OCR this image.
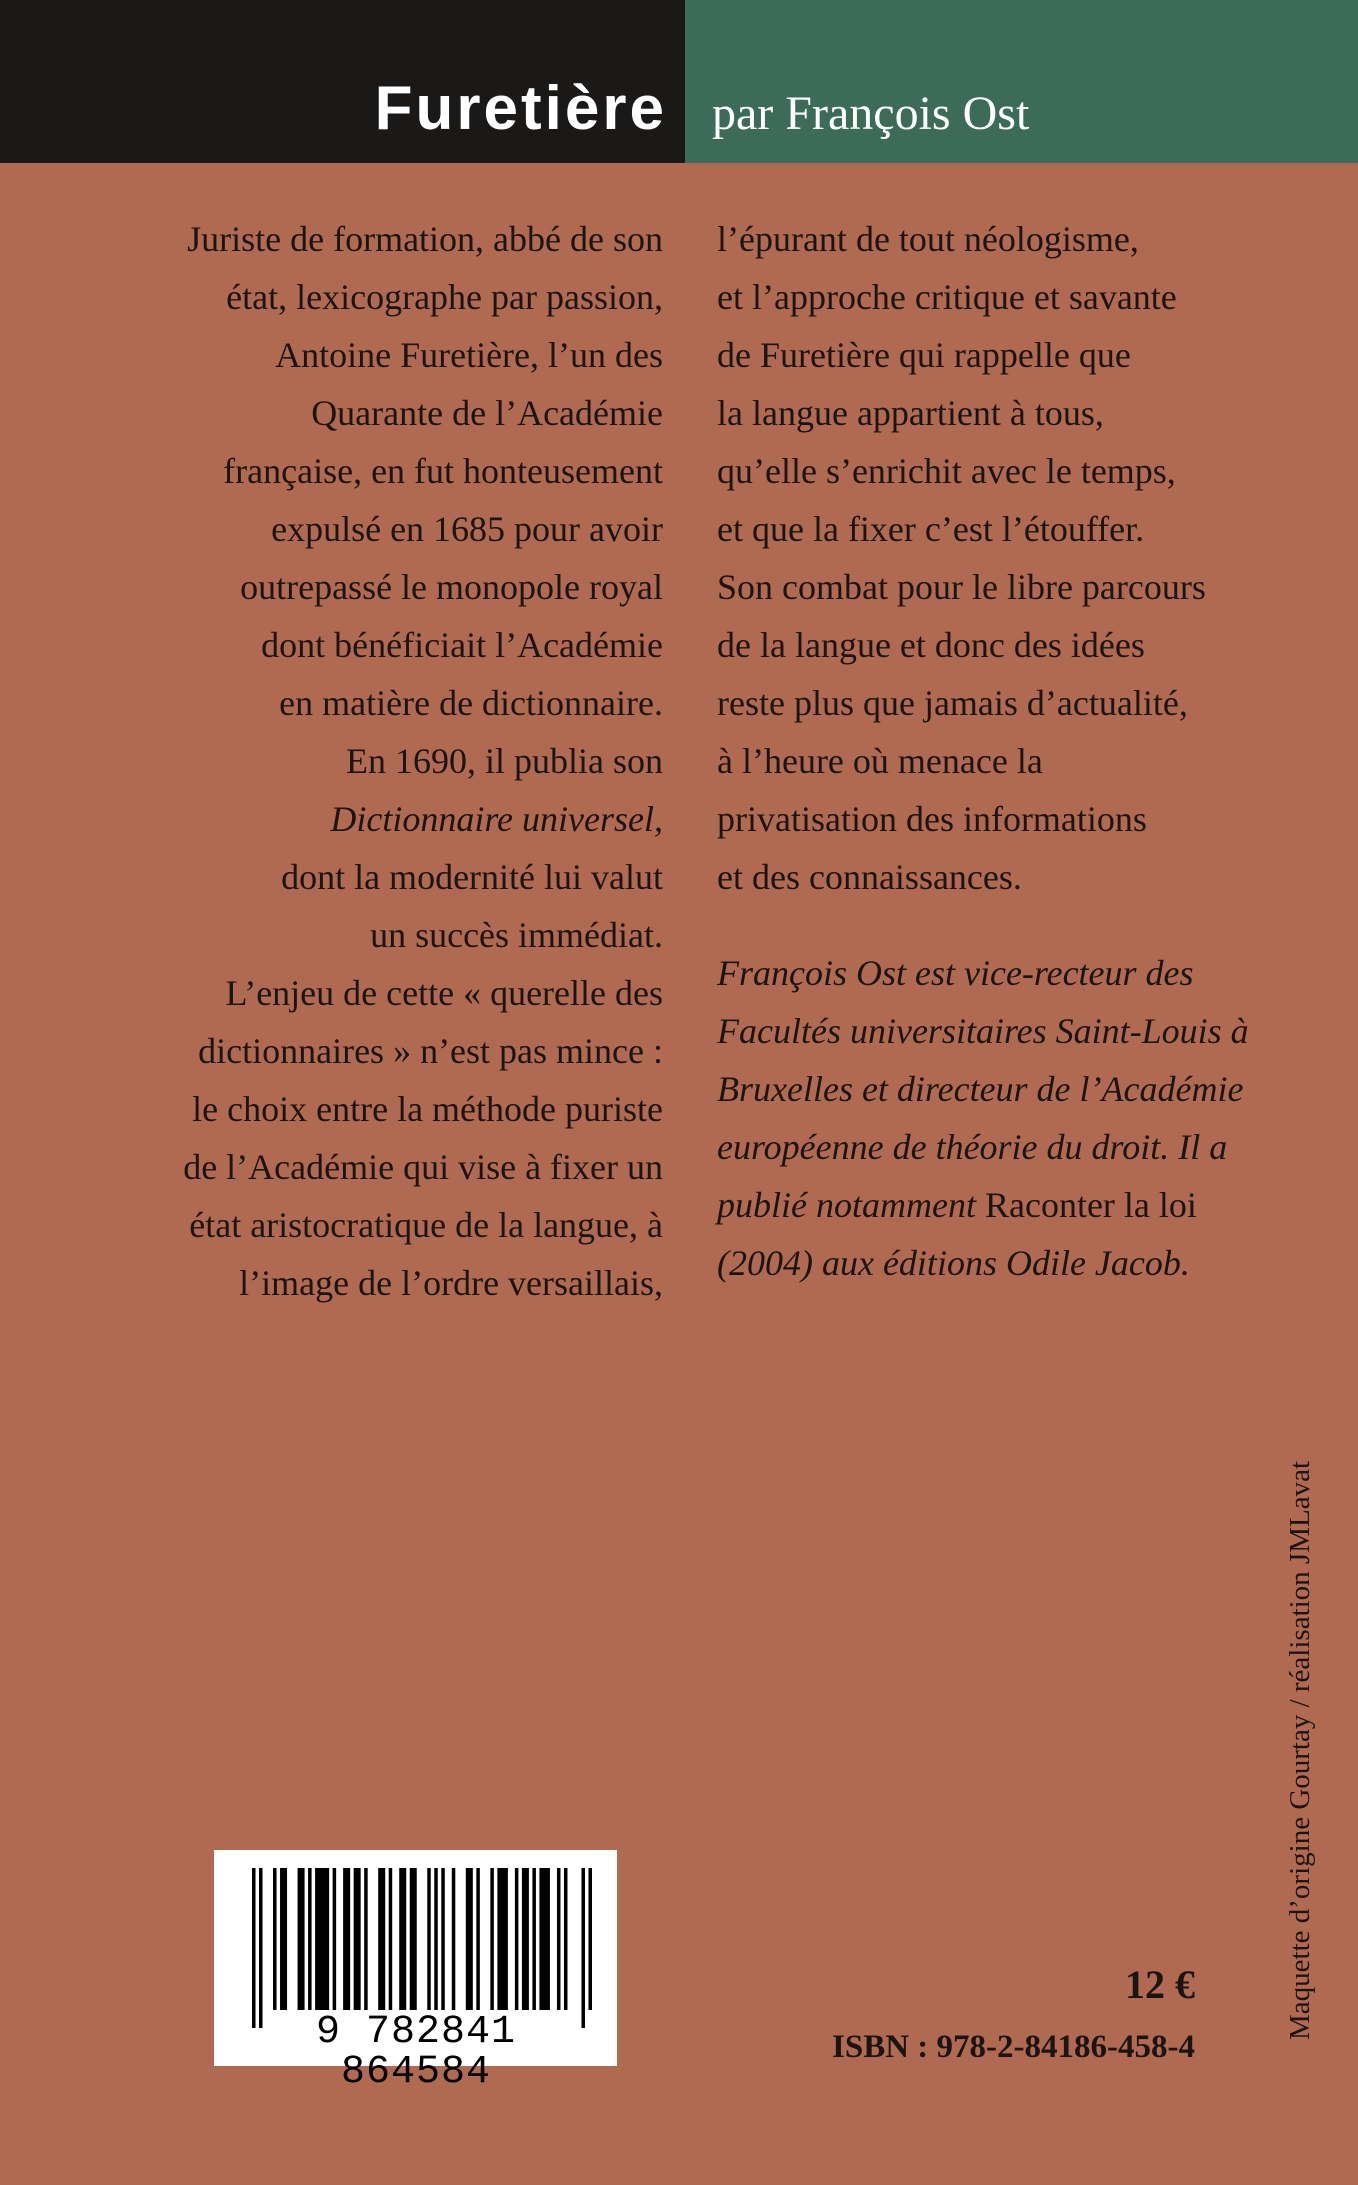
Furetière par François Ost

Juriste de formation, abbé de son

état, lexicographe par passion,

Antoine Furetière, l’un des

Quarante de l’Académie

française, en fut honteusement

expulsé en 1685 pour avoir

outrepassé le monopole royal

dont bénéficiait l’Académie

en matière de dictionnaire.

En 1690, il publia son

Dictionnaire universel,

dont la modernité lui valut

un succès immédiat.

L’enjeu de cette « querelle des

dictionnaires » n’est pas mince :

le choix entre la méthode puriste

de l’Académie qui vise à fixer un

état aristocratique de la langue, à

l’image de l’ordre versaillais,

l’épurant de tout néologisme,

et l’approche critique et savante

de Furetière qui rappelle que

la langue appartient à tous,

qu’elle s’enrichit avec le temps,

et que la fixer c’est l’étouffer.

Son combat pour le libre parcours

de la langue et donc des idées

reste plus que jamais d’actualité,

à l’heure où menace la

privatisation des informations

et des connaissances.

François Ost est vice-recteur des

Facultés universitaires Saint-Louis à

Bruxelles et directeur de l’Académie

européenne de théorie du droit. Il a

publié notamment Raconter la loi

(2004) aux éditions Odile Jacob.

Maquette d’origine Gourtay / réalisation JMLavat
9 782841 864584
12 €
ISBN : 978-2-84186-458-4
